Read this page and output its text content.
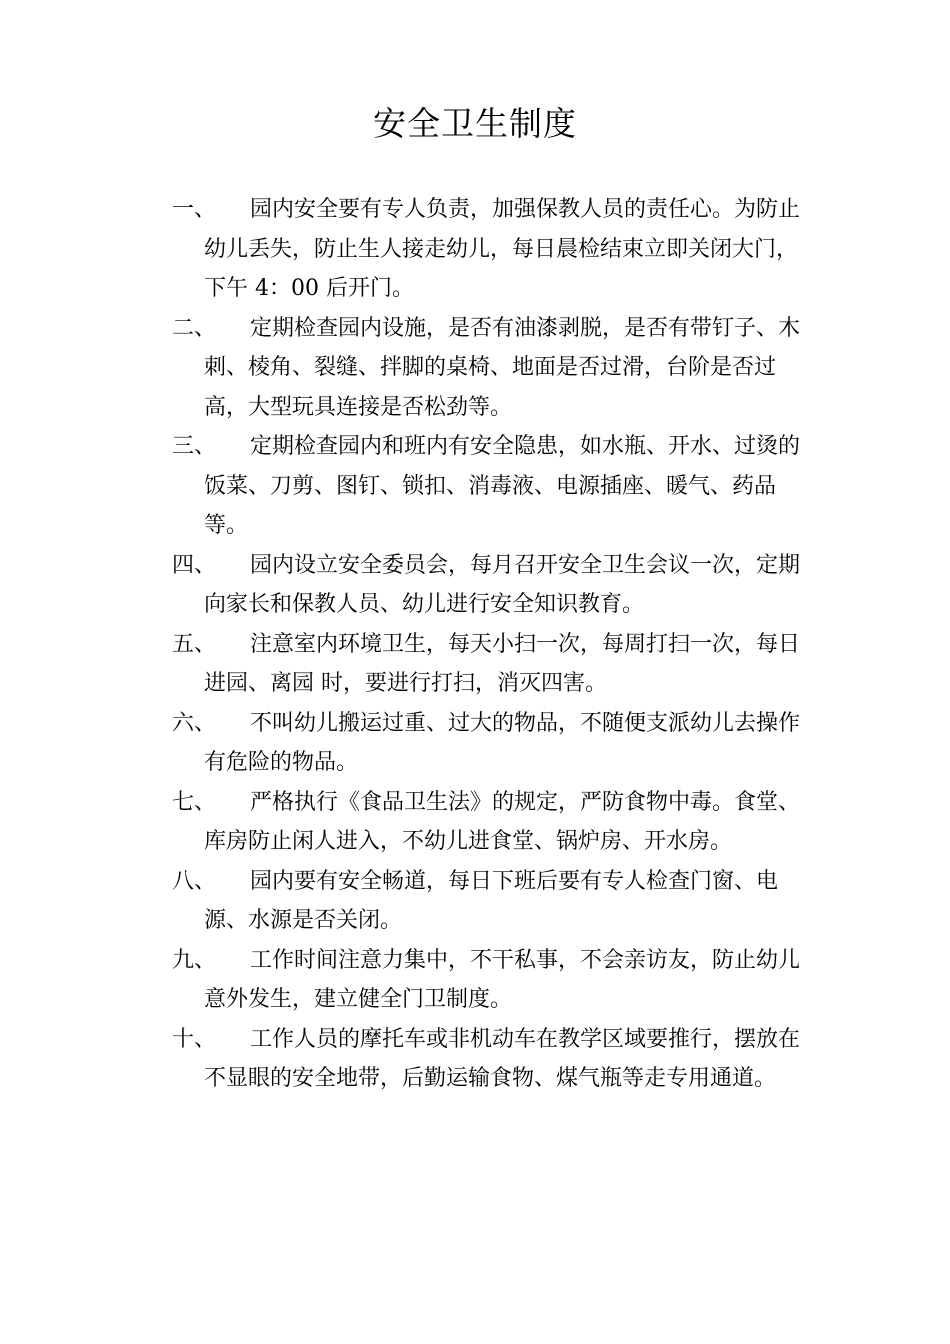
安全卫生制度
一、	园内安全要有专人负责，加强保教人员的责任心。为防止幼儿丢失，防止生人接走幼儿，每日晨检结束立即关闭大门，下午 4：00 后开门。
二、	定期检查园内设施，是否有油漆剥脱，是否有带钉子、木刺、棱角、裂缝、拌脚的桌椅、地面是否过滑，台阶是否过高，大型玩具连接是否松劲等。
三、	定期检查园内和班内有安全隐患，如水瓶、开水、过烫的饭菜、刀剪、图钉、锁扣、消毒液、电源插座、暖气、药品等。
四、	园内设立安全委员会，每月召开安全卫生会议一次，定期向家长和保教人员、幼儿进行安全知识教育。
五、	注意室内环境卫生，每天小扫一次，每周打扫一次，每日进园、离园 时，要进行打扫，消灭四害。
六、	不叫幼儿搬运过重、过大的物品，不随便支派幼儿去操作有危险的物品。
七、	严格执行《食品卫生法》的规定，严防食物中毒。食堂、库房防止闲人进入，不幼儿进食堂、锅炉房、开水房。
八、	园内要有安全畅道，每日下班后要有专人检查门窗、电源、水源是否关闭。
九、	工作时间注意力集中，不干私事，不会亲访友，防止幼儿意外发生，建立健全门卫制度。
十、	工作人员的摩托车或非机动车在教学区域要推行，摆放在不显眼的安全地带，后勤运输食物、煤气瓶等走专用通道。
